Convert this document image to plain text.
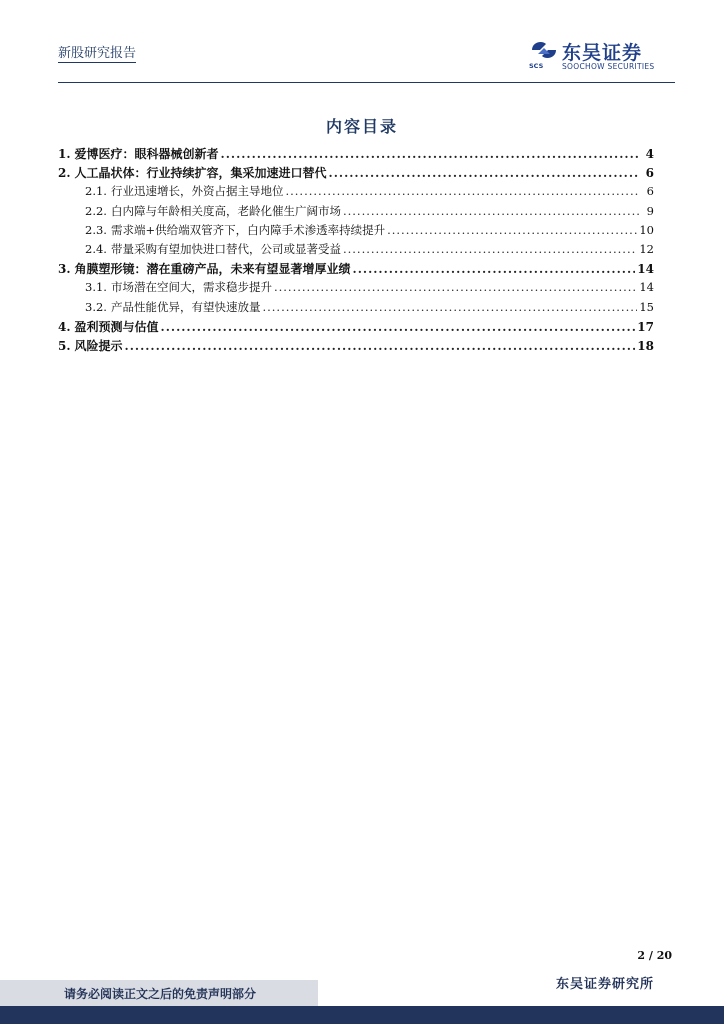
新股研究报告
SCS
东吴证券
SOOCHOW SECURITIES
内容目录
1. 爱博医疗：眼科器械创新者 .....	4
2. 人工晶状体：行业持续扩容，集采加速进口替代 .....	6
2.1. 行业迅速增长，外资占据主导地位 .....	6
2.2. 白内障与年龄相关度高，老龄化催生广阔市场 .....	9
2.3. 需求端+供给端双管齐下，白内障手术渗透率持续提升 .....	10
2.4. 带量采购有望加快进口替代，公司或显著受益 .....	12
3. 角膜塑形镜：潜在重磅产品，未来有望显著增厚业绩 .....	14
3.1. 市场潜在空间大，需求稳步提升 .....	14
3.2. 产品性能优异，有望快速放量 .....	15
4. 盈利预测与估值 .....	17
5. 风险提示 .....	18
2 / 20
请务必阅读正文之后的免责声明部分
东吴证券研究所
